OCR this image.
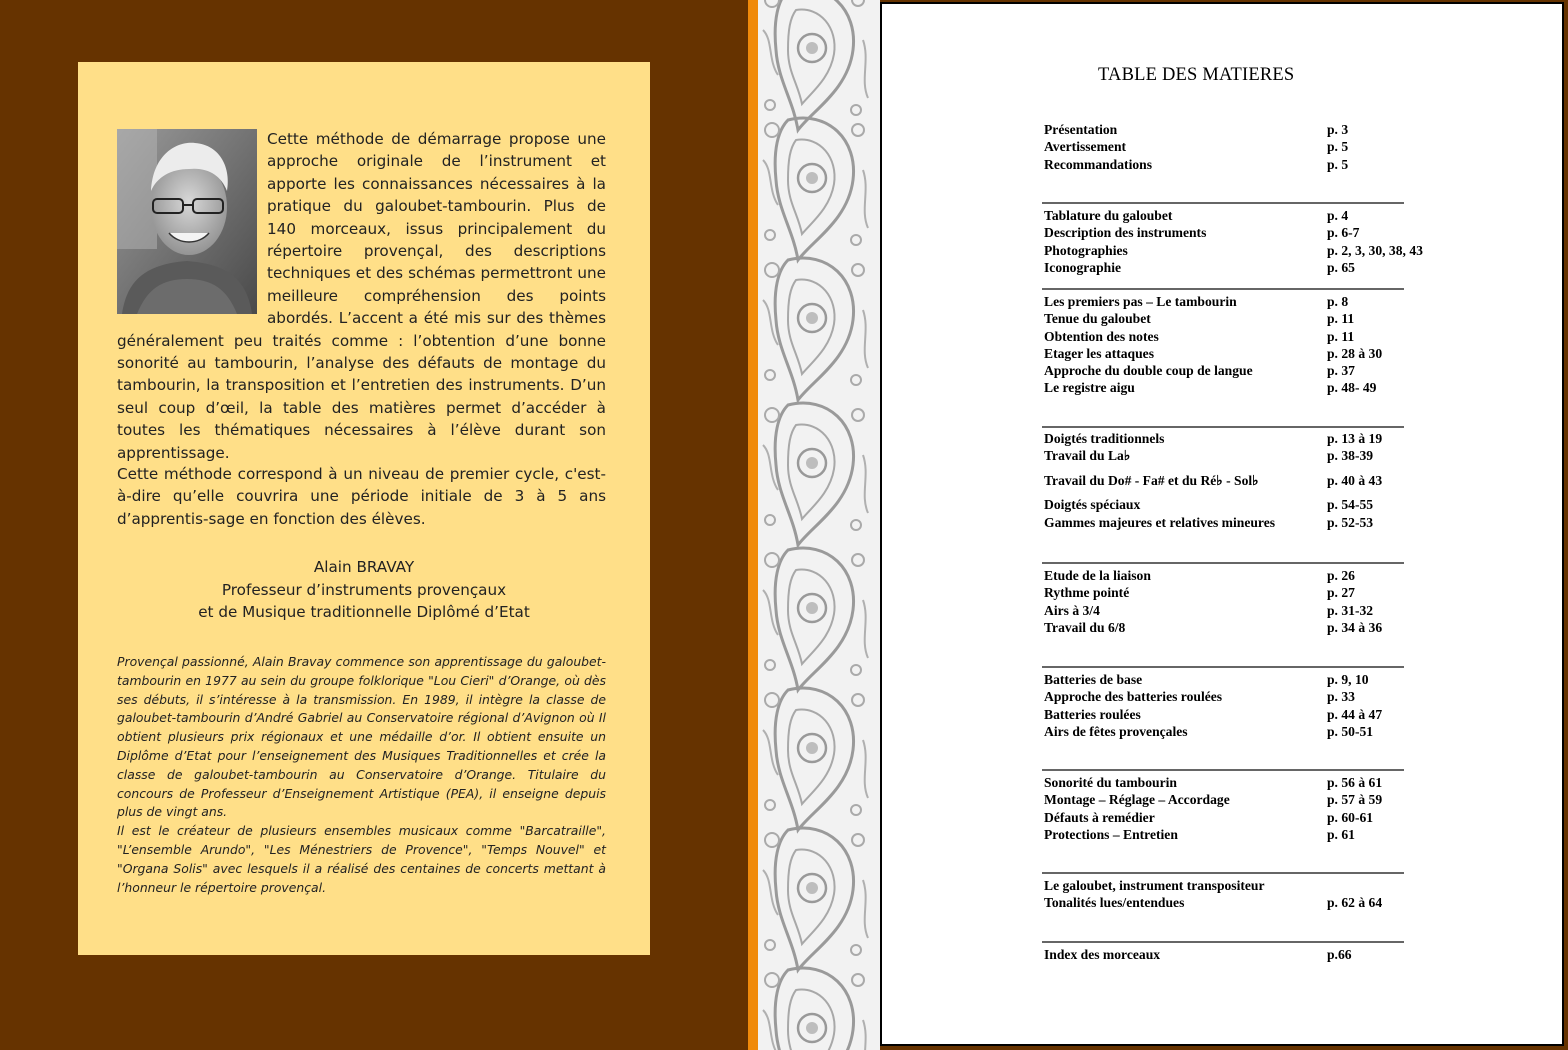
Cette méthode de démarrage propose une approche originale de l’instrument et apporte les connaissances nécessaires à la pratique du galoubet-tambourin. Plus de 140 morceaux, issus principalement du répertoire provençal, des descriptions techniques et des schémas permettront une meilleure compréhension des points abordés. L’accent a été mis sur des thèmes généralement peu traités comme : l’obtention d’une bonne sonorité au tambourin, l’analyse des défauts de montage du tambourin, la transposition et l’entretien des instruments. D’un seul coup d’œil, la table des matières permet d’accéder à toutes les thématiques nécessaires à l’élève durant son apprentissage.

Cette méthode correspond à un niveau de premier cycle, c'est-à-dire qu’elle couvrira une période initiale de 3 à 5 ans d’apprentis-sage en fonction des élèves.

Alain BRAVAY
Professeur d’instruments provençaux
et de Musique traditionnelle Diplômé d’Etat
Provençal passionné, Alain Bravay commence son apprentissage du galoubet-tambourin en 1977 au sein du groupe folklorique "Lou Cieri" d’Orange, où dès ses débuts, il s’intéresse à la transmission. En 1989, il intègre la classe de galoubet-tambourin d’André Gabriel au Conservatoire régional d’Avignon où Il obtient plusieurs prix régionaux et une médaille d’or. Il obtient ensuite un Diplôme d’Etat pour l’enseignement des Musiques Traditionnelles et crée la classe de galoubet-tambourin au Conservatoire d’Orange. Titulaire du concours de Professeur d’Enseignement Artistique (PEA), il enseigne depuis plus de vingt ans.
Il est le créateur de plusieurs ensembles musicaux comme "Barcatraille", "L’ensemble Arundo", "Les Ménestriers de Provence", "Temps Nouvel" et "Organa Solis" avec lesquels il a réalisé des centaines de concerts mettant à l’honneur le répertoire provençal.
TABLE DES MATIERES
Présentation	p. 3
Avertissement	p. 5
Recommandations	p. 5
Tablature du galoubet	p. 4
Description des instruments	p. 6-7
Photographies	p. 2, 3, 30, 38, 43
Iconographie	p. 65
Les premiers pas – Le tambourin	p. 8
Tenue du galoubet	p. 11
Obtention des notes	p. 11
Etager les attaques	p. 28 à 30
Approche du double coup de langue	p. 37
Le registre aigu	p. 48- 49
Doigtés traditionnels	p. 13 à 19
Travail du La♭	p. 38-39
Travail du Do# - Fa# et du Ré♭ - Sol♭	p. 40 à 43
Doigtés spéciaux	p. 54-55
Gammes majeures et relatives mineures	p. 52-53
Etude de la liaison	p. 26
Rythme pointé	p. 27
Airs à 3/4	p. 31-32
Travail du 6/8	p. 34 à 36
Batteries de base	p. 9, 10
Approche des batteries roulées	p. 33
Batteries roulées	p. 44 à 47
Airs de fêtes provençales	p. 50-51
Sonorité du tambourin	p. 56 à 61
Montage – Réglage – Accordage	p. 57 à 59
Défauts à remédier	p. 60-61
Protections – Entretien	p. 61
Le galoubet, instrument transpositeur
Tonalités lues/entendues	p. 62 à 64
Index des morceaux	p.66
